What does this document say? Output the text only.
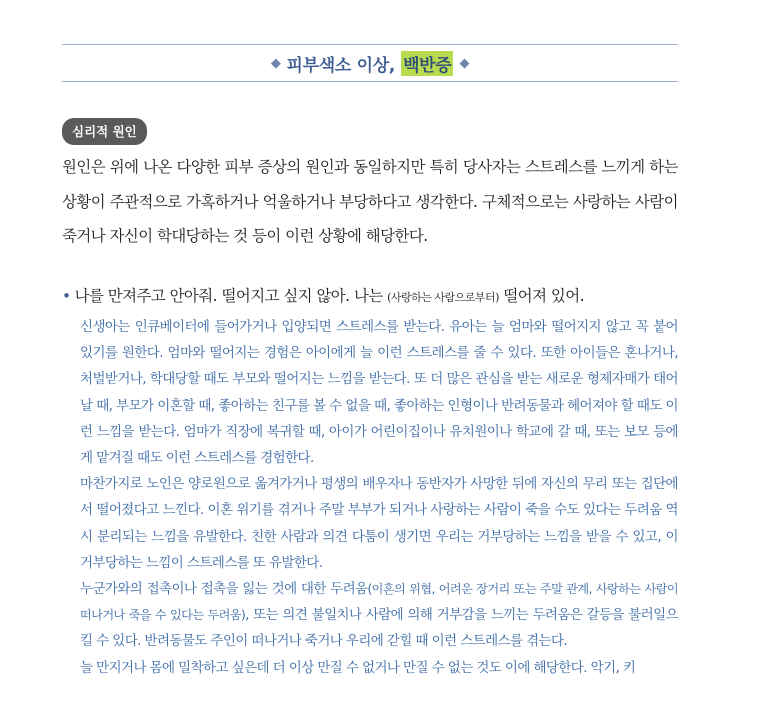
◆ 피부색소 이상, 백반증 ◆
심리적 원인
원인은 위에 나온 다양한 피부 증상의 원인과 동일하지만 특히 당사자는 스트레스를 느끼게 하는 상황이 주관적으로 가혹하거나 억울하거나 부당하다고 생각한다. 구체적으로는 사랑하는 사람이 죽거나 자신이 학대당하는 것 등이 이런 상황에 해당한다.
• 나를 만져주고 안아줘. 떨어지고 싶지 않아. 나는 (사랑하는 사람으로부터) 떨어져 있어.

신생아는 인큐베이터에 들어가거나 입양되면 스트레스를 받는다. 유아는 늘 엄마와 떨어지지 않고 꼭 붙어 있기를 원한다. 엄마와 떨어지는 경험은 아이에게 늘 이런 스트레스를 줄 수 있다. 또한 아이들은 혼나거나, 처벌받거나, 학대당할 때도 부모와 떨어지는 느낌을 받는다. 또 더 많은 관심을 받는 새로운 형제자매가 태어날 때, 부모가 이혼할 때, 좋아하는 친구를 볼 수 없을 때, 좋아하는 인형이나 반려동물과 헤어져야 할 때도 이런 느낌을 받는다. 엄마가 직장에 복귀할 때, 아이가 어린이집이나 유치원이나 학교에 갈 때, 또는 보모 등에게 맡겨질 때도 이런 스트레스를 경험한다.

마찬가지로 노인은 양로원으로 옮겨가거나 평생의 배우자나 동반자가 사망한 뒤에 자신의 무리 또는 집단에서 떨어졌다고 느낀다. 이혼 위기를 겪거나 주말 부부가 되거나 사랑하는 사람이 죽을 수도 있다는 두려움 역시 분리되는 느낌을 유발한다. 친한 사람과 의견 다툼이 생기면 우리는 거부당하는 느낌을 받을 수 있고, 이 거부당하는 느낌이 스트레스를 또 유발한다.

누군가와의 접촉이나 접촉을 잃는 것에 대한 두려움(이혼의 위협, 어려운 장거리 또는 주말 관계, 사랑하는 사람이 떠나거나 죽을 수 있다는 두려움), 또는 의견 불일치나 사람에 의해 거부감을 느끼는 두려움은 갈등을 불러일으킬 수 있다. 반려동물도 주인이 떠나거나 죽거나 우리에 갇힐 때 이런 스트레스를 겪는다.

늘 만지거나 몸에 밀착하고 싶은데 더 이상 만질 수 없거나 만질 수 없는 것도 이에 해당한다. 악기, 키
